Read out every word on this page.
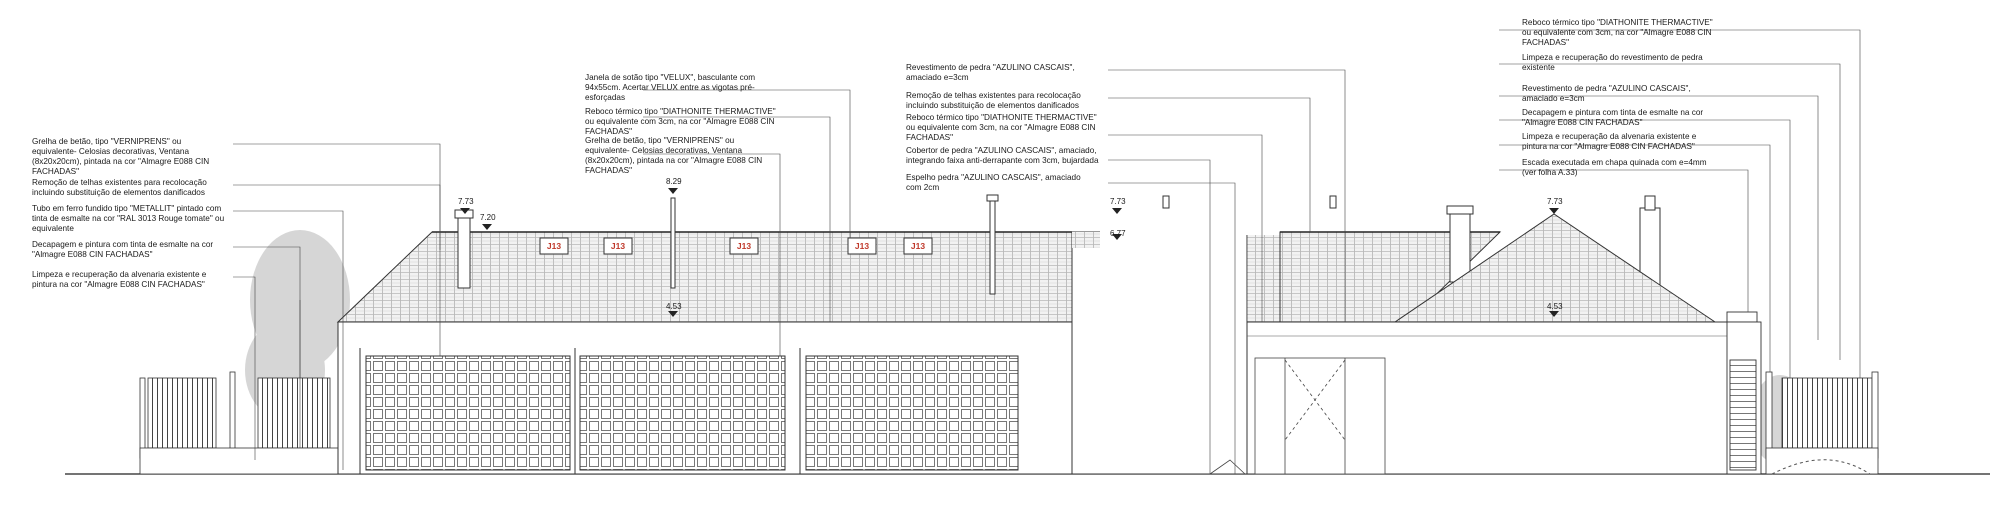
J13	J13	J13	J13	J13
7.73
7.20
8.29
7.73
6.77
7.73
4.53	4.53
Grelha de betão, tipo "VERNIPRENS" ou equivalente- Celosias decorativas, Ventana (8x20x20cm), pintada na cor "Almagre E088 CIN FACHADAS"
Remoção de telhas existentes para recolocação incluindo substituição de elementos danificados
Tubo em ferro fundido tipo "METALLIT" pintado com tinta de esmalte na cor "RAL 3013 Rouge tomate" ou equivalente
Decapagem e pintura com tinta de esmalte na cor "Almagre E088 CIN FACHADAS"
Limpeza e recuperação da alvenaria existente e pintura na cor "Almagre E088 CIN FACHADAS"
Janela de sotão tipo "VELUX", basculante com 94x55cm. Acertar VELUX entre as vigotas pré- esforçadas
Reboco térmico tipo "DIATHONITE THERMACTIVE" ou equivalente com 3cm, na cor "Almagre E088 CIN FACHADAS"
Grelha de betão, tipo "VERNIPRENS" ou equivalente- Celosias decorativas, Ventana (8x20x20cm), pintada na cor "Almagre E088 CIN FACHADAS"
Revestimento de pedra "AZULINO CASCAIS", amaciado e=3cm
Remoção de telhas existentes para recolocação incluindo substituição de elementos danificados
Reboco térmico tipo "DIATHONITE THERMACTIVE" ou equivalente com 3cm, na cor "Almagre E088 CIN FACHADAS"
Cobertor de pedra "AZULINO CASCAIS", amaciado, integrando faixa anti-derrapante com 3cm, bujardada
Espelho pedra "AZULINO CASCAIS", amaciado com 2cm
Reboco térmico tipo "DIATHONITE THERMACTIVE" ou equivalente com 3cm, na cor "Almagre E088 CIN FACHADAS"
Limpeza e recuperação do revestimento de pedra existente
Revestimento de pedra "AZULINO CASCAIS", amaciado e=3cm
Decapagem e pintura com tinta de esmalte na cor "Almagre E088 CIN FACHADAS"
Limpeza e recuperação da alvenaria existente e pintura na cor "Almagre E088 CIN FACHADAS"
Escada executada em chapa quinada com e=4mm (ver folha A.33)
